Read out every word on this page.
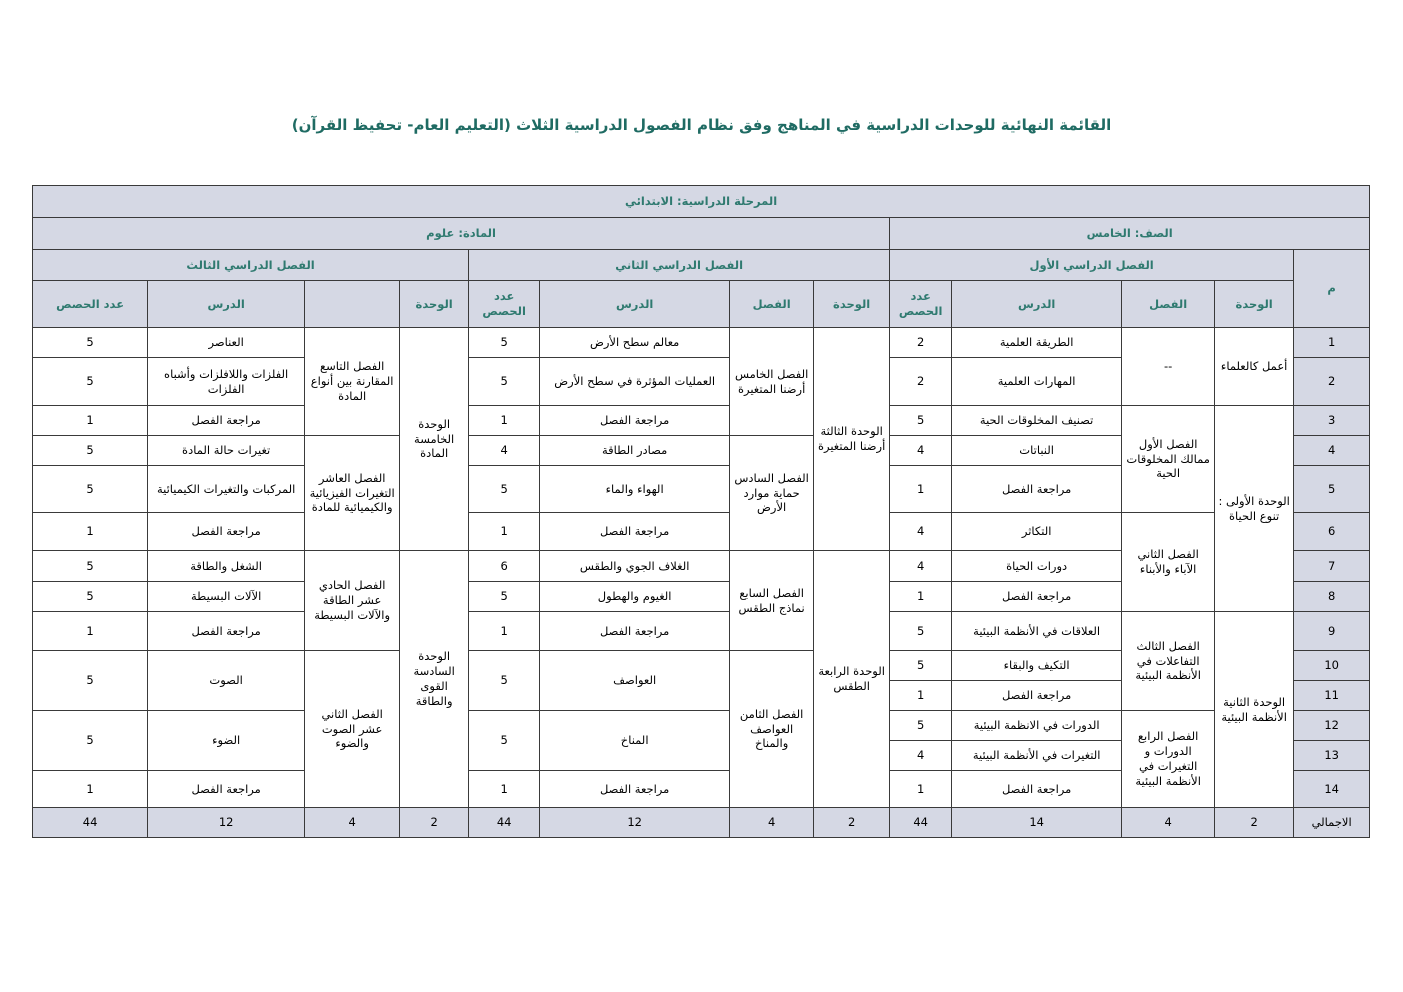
القائمة النهائية للوحدات الدراسية في المناهج وفق نظام الفصول الدراسية الثلاث (التعليم العام- تحفيظ القرآن)
المرحلة الدراسية: الابتدائي												
الصف: الخامس					المادة: علوم							
م	الفصل الدراسي الأول				الفصل الدراسي الثاني				الفصل الدراسي الثالث			
	الوحدة	الفصل	الدرس	عدد الحصص	الوحدة	الفصل	الدرس	عدد الحصص	الوحدة		الدرس	عدد الحصص
1	أعمل كالعلماء	--	الطريقة العلمية	2	الوحدة الثالثة أرضنا المتغيرة	الفصل الخامس أرضنا المتغيرة	معالم سطح الأرض	5	الوحدة الخامسة المادة	الفصل التاسع المقارنة بين أنواع المادة	العناصر	5
2			المهارات العلمية	2			العمليات المؤثرة في سطح الأرض	5			الفلزات واللافلزات وأشباه الفلزات	5
3	الوحدة الأولى : تنوع الحياة	الفصل الأول ممالك المخلوقات الحية	تصنيف المخلوقات الحية	5			مراجعة الفصل	1			مراجعة الفصل	1
4			النباتات	4		الفصل السادس حماية موارد الأرض	مصادر الطاقة	4		الفصل العاشر التغيرات الفيزيائية والكيميائية للمادة	تغيرات حالة المادة	5
5			مراجعة الفصل	1			الهواء والماء	5			المركبات والتغيرات الكيميائية	5
6		الفصل الثاني الآباء والأبناء	التكاثر	4			مراجعة الفصل	1			مراجعة الفصل	1
7			دورات الحياة	4	الوحدة الرابعة الطقس	الفصل السابع نماذج الطقس	الغلاف الجوي والطقس	6	الوحدة السادسة القوى والطاقة	الفصل الحادي عشر الطاقة والآلات البسيطة	الشغل والطاقة	5
8			مراجعة الفصل	1			الغيوم والهطول	5			الآلات البسيطة	5
9	الوحدة الثانية الأنظمة البيئية	الفصل الثالث التفاعلات في الأنظمة البيئية	العلاقات في الأنظمة البيئية	5			مراجعة الفصل	1			مراجعة الفصل	1
10			التكيف والبقاء	5		الفصل الثامن العواصف والمناخ	العواصف	5		الفصل الثاني عشر الصوت والضوء	الصوت	5
11			مراجعة الفصل	1								
12		الفصل الرابع الدورات و التغيرات في الأنظمة البيئية	الدورات في الانظمة البيئية	5			المناخ	5			الضوء	5
13			التغيرات في الأنظمة البيئية	4								
14			مراجعة الفصل	1			مراجعة الفصل	1			مراجعة الفصل	1
الاجمالي	2	4	14	44	2	4	12	44	2	4	12	44
